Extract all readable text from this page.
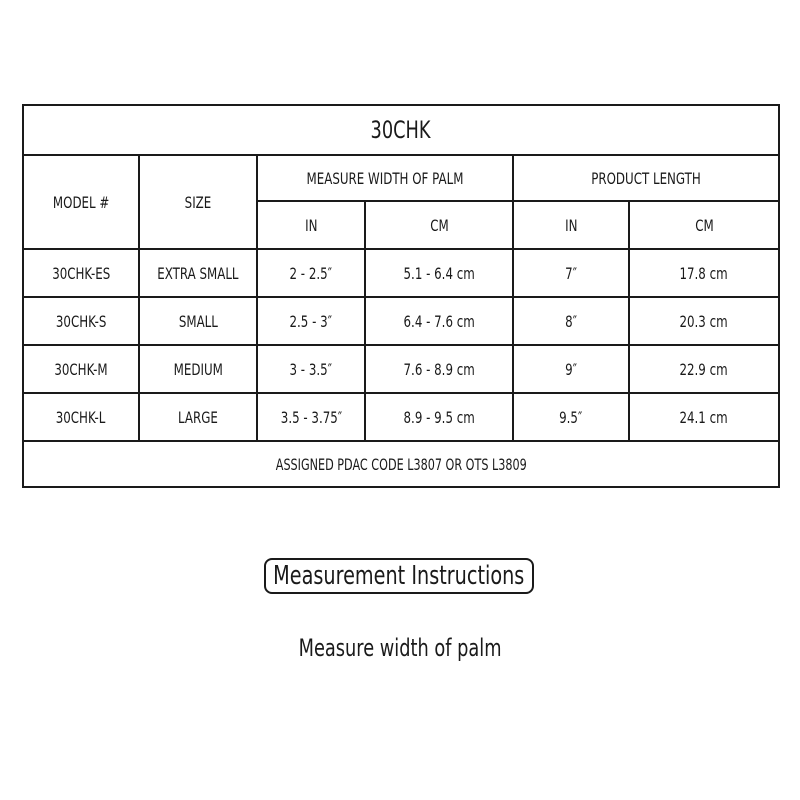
30CHK					
MODEL #	SIZE	MEASURE WIDTH OF PALM		PRODUCT LENGTH	
		IN	CM	IN	CM
30CHK-ES	EXTRA SMALL	2 - 2.5″	5.1 - 6.4 cm	7″	17.8 cm
30CHK-S	SMALL	2.5 - 3″	6.4 - 7.6 cm	8″	20.3 cm
30CHK-M	MEDIUM	3 - 3.5″	7.6 - 8.9 cm	9″	22.9 cm
30CHK-L	LARGE	3.5 - 3.75″	8.9 - 9.5 cm	9.5″	24.1 cm
ASSIGNED PDAC CODE L3807 OR OTS L3809					
Measurement Instructions
Measure width of palm
